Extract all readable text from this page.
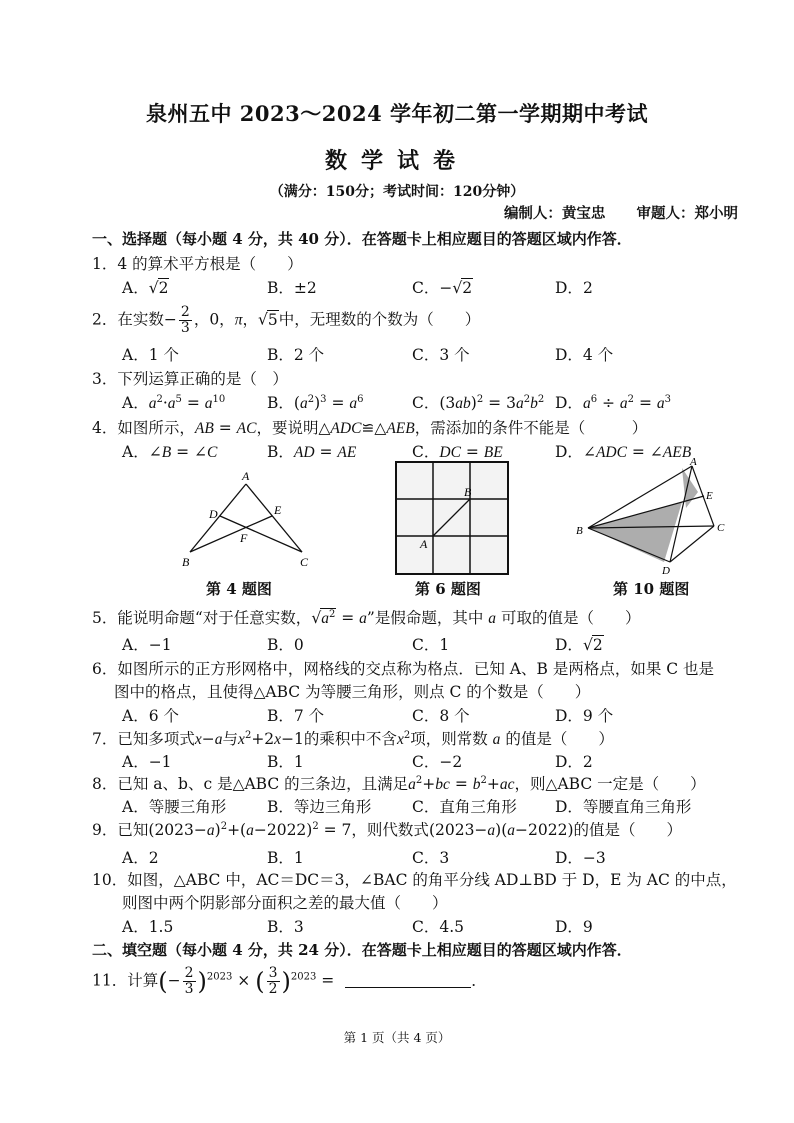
泉州五中 2023～2024 学年初二第一学期期中考试
数学试卷
（满分：150分；考试时间：120分钟）
编制人：黄宝忠 审题人：郑小明
一、选择题（每小题 4 分，共 40 分）．在答题卡上相应题目的答题区域内作答．
1．4 的算术平方根是（　　）
A．√2	B．±2	C．−√2	D．2
2．在实数− $\frac{2}{3}$ ，0，π，√5中，无理数的个数为（　　）
A．1 个	B．2 个	C．3 个	D．4 个
3．下列运算正确的是（　）
A．$a^2\cdot a^5 = a^{10}$	B．$(a^2)^3 = a^6$	C．$(3ab)^2 = 3a^2b^2$ D．$a^6 \div a^2 = a^3$
4．如图所示，AB = AC，要说明△ADC≌△AEB，需添加的条件不能是（　　　）
A．∠B = ∠C	B．AD = AE	C．DC = BE	D．∠ADC = ∠AEB
A
D	E
F
B	C
第 4 题图
B
A
第 6 题图
A
E
B	C
D
第 10 题图
5．能说明命题“对于任意实数，$√a^2 = a$”是假命题，其中 a 可取的值是（　　）
A．−1	B．0	C．1	D．√2
6．如图所示的正方形网格中，网格线的交点称为格点．已知 A、B 是两格点，如果 C 也是
图中的格点，且使得△ABC 为等腰三角形，则点 C 的个数是（　　）
A．6 个	B．7 个	C．8 个	D．9 个
7．已知多项式x−a与$x^2+2x-1$的乘积中不含$x^2$项，则常数 a 的值是（　　）
A．−1	B．1	C．−2	D．2
8．已知 a、b、c 是△ABC 的三条边，且满足$a^2+bc = b^2+ac$，则△ABC 一定是（　　）
A．等腰三角形	B．等边三角形	C．直角三角形 D．等腰直角三角形
9．已知$(2023-a)^2+(a-2022)^2 = 7$，则代数式(2023−a)(a−2022)的值是（　　）
A．2	B．1	C．3	D．−3
10．如图，△ABC 中，AC＝DC＝3，∠BAC 的角平分线 AD⊥BD 于 D，E 为 AC 的中点，
则图中两个阴影部分面积之差的最大值（　　）
A．1.5	B．3	C．4.5	D．9
二、填空题（每小题 4 分，共 24 分）．在答题卡上相应题目的答题区域内作答．
11．计算(− $\frac{2}{3} )^{2023}$ × ( $\frac{3}{2} )^{2023}$ =	．
第 1 页（共 4 页）
